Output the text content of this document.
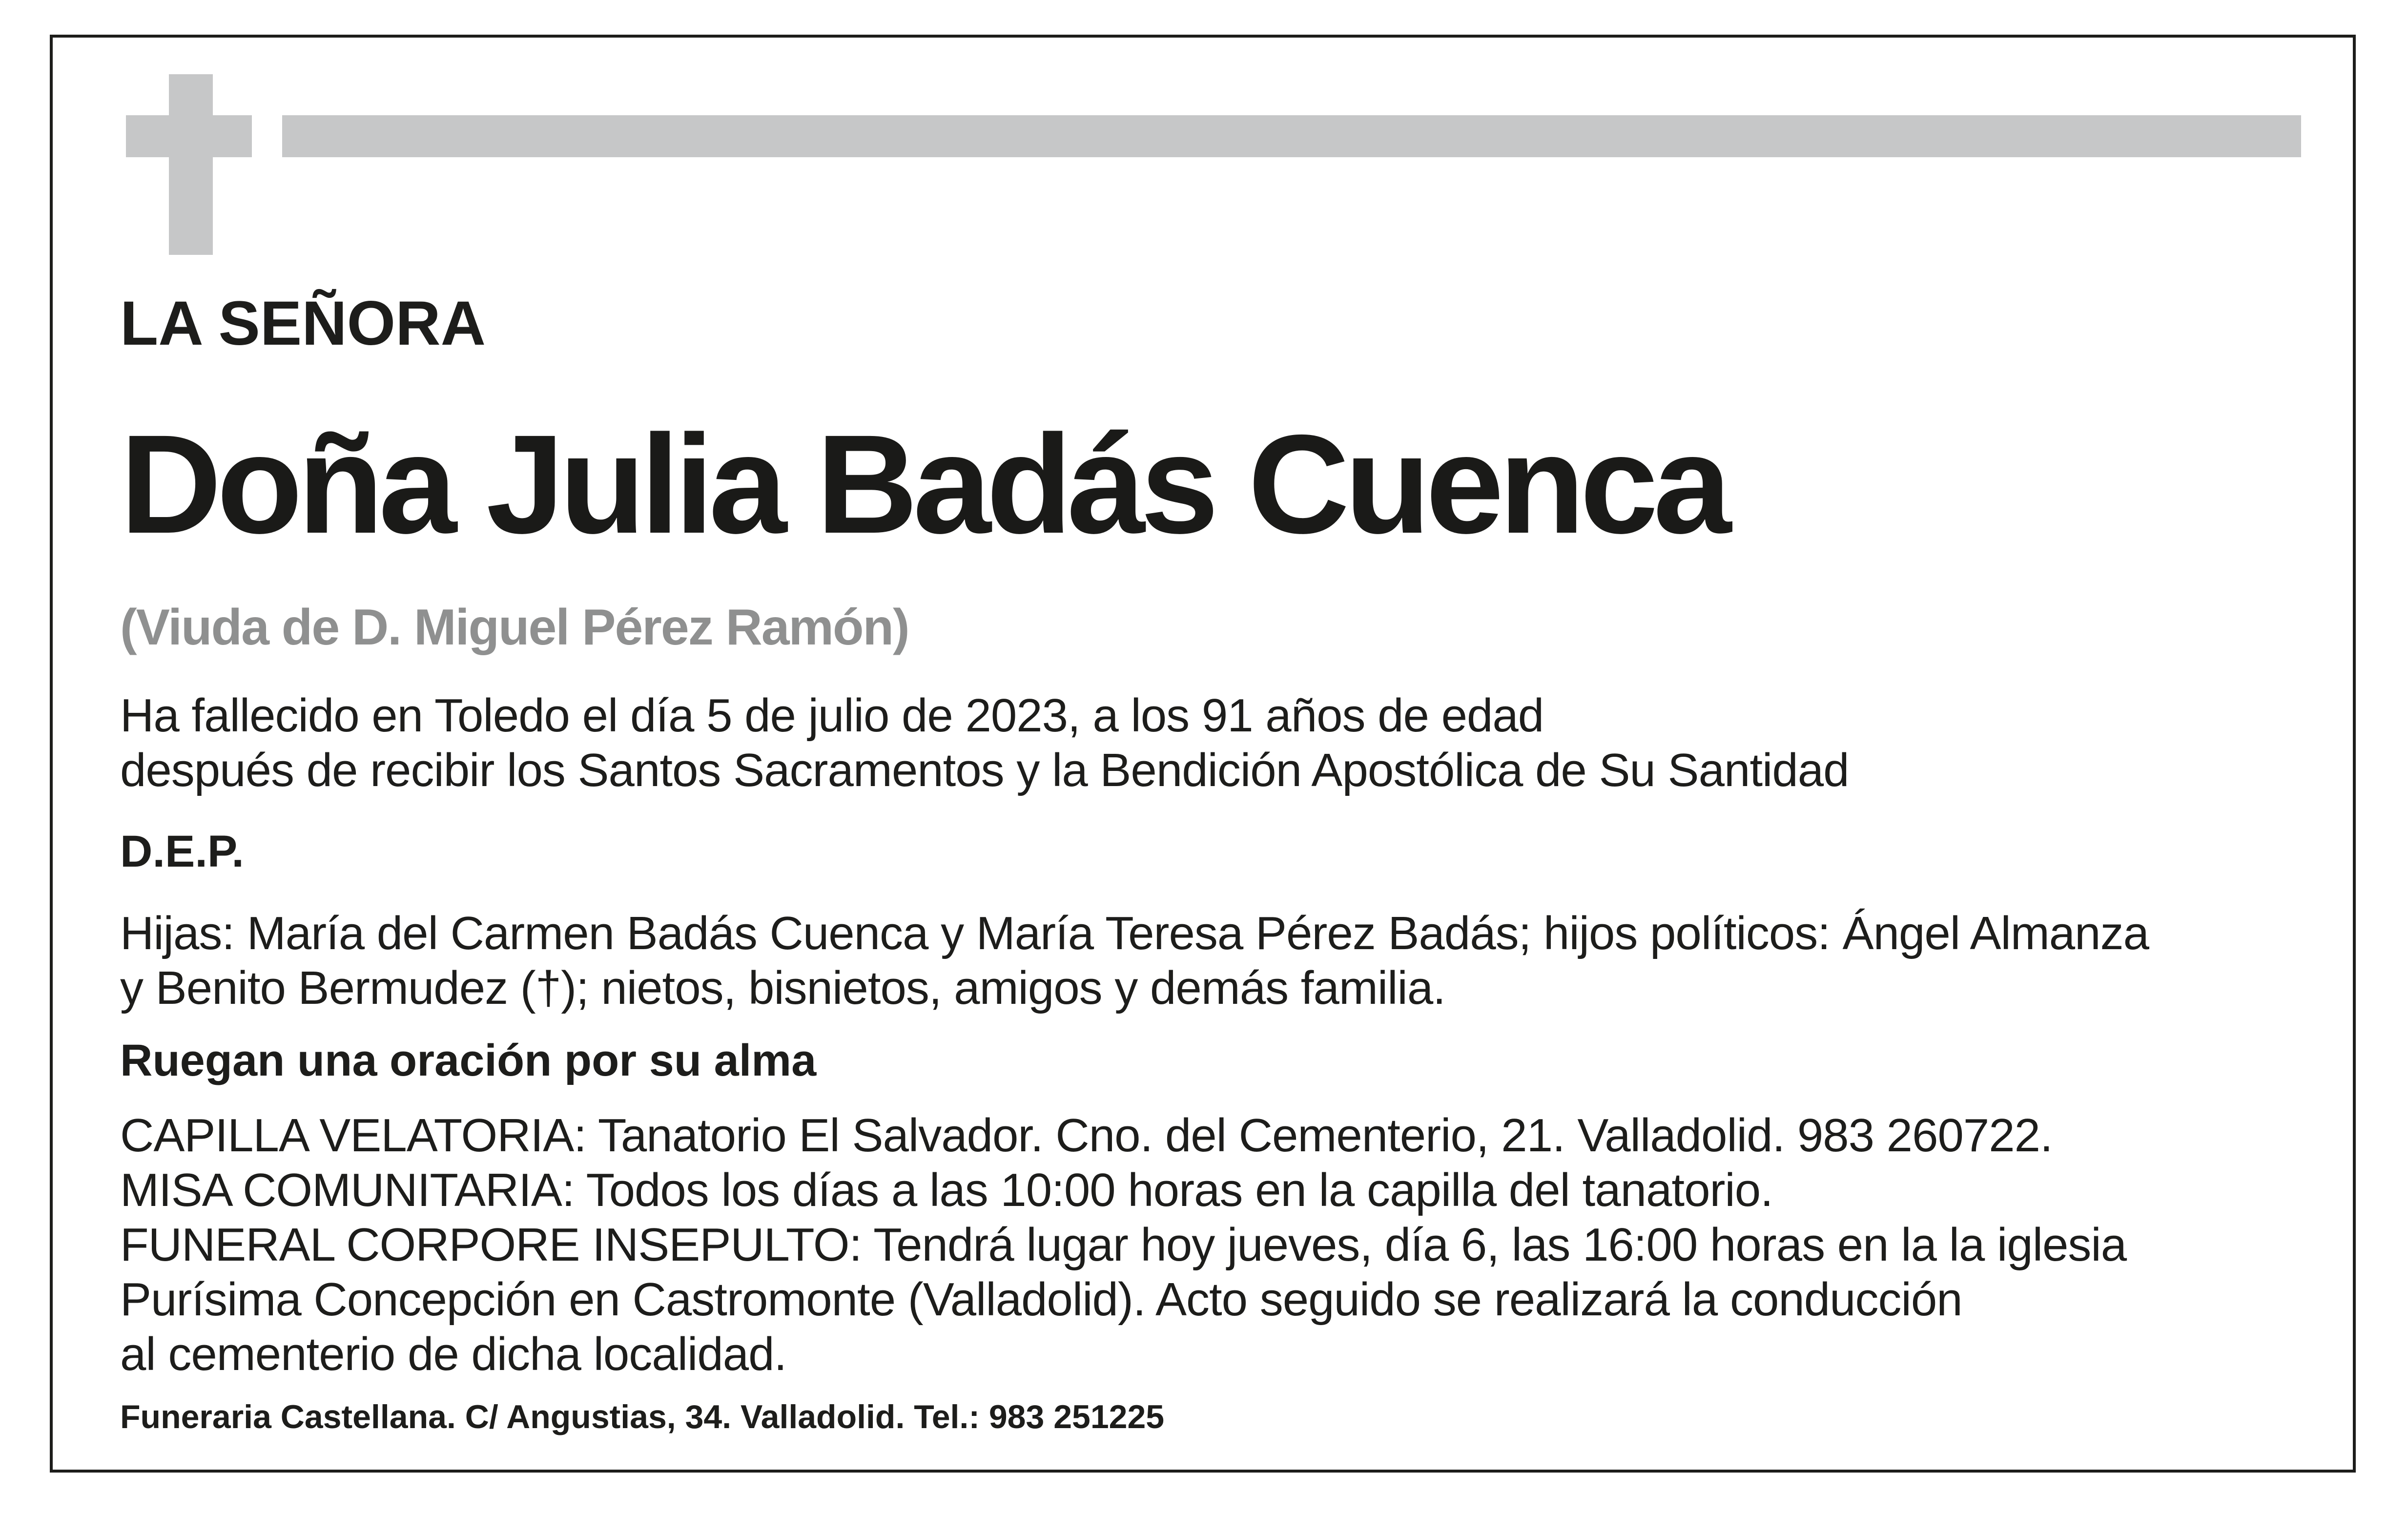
LA SEÑORA

Doña Julia Badás Cuenca

(Viuda de D. Miguel Pérez Ramón)

Ha fallecido en Toledo el día 5 de julio de 2023, a los 91 años de edad

después de recibir los Santos Sacramentos y la Bendición Apostólica de Su Santidad

D.E.P.

Hijas: María del Carmen Badás Cuenca y María Teresa Pérez Badás; hijos políticos: Ángel Almanza

y Benito Bermudez (†); nietos, bisnietos, amigos y demás familia.

Ruegan una oración por su alma

CAPILLA VELATORIA: Tanatorio El Salvador. Cno. del Cementerio, 21. Valladolid. 983 260722.

MISA COMUNITARIA: Todos los días a las 10:00 horas en la capilla del tanatorio.

FUNERAL CORPORE INSEPULTO: Tendrá lugar hoy jueves, día 6, las 16:00 horas en la la iglesia

Purísima Concepción en Castromonte (Valladolid). Acto seguido se realizará la conducción

al cementerio de dicha localidad.

Funeraria Castellana. C/ Angustias, 34. Valladolid. Tel.: 983 251225
